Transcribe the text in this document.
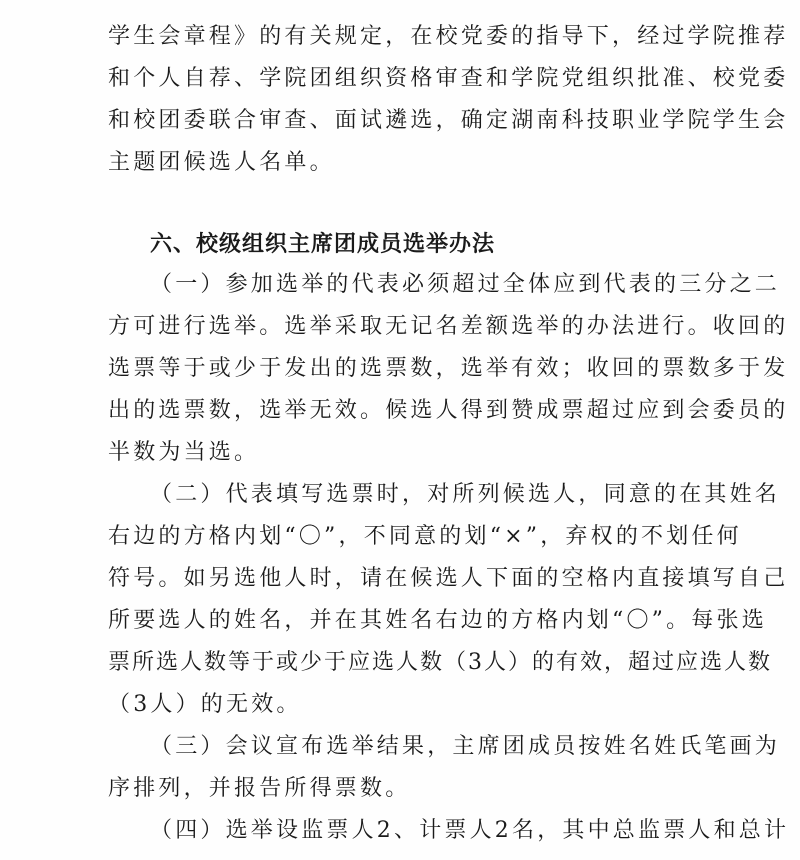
学生会章程》的有关规定，在校党委的指导下，经过学院推荐
和个人自荐、学院团组织资格审查和学院党组织批准、校党委
和校团委联合审查、面试遴选，确定湖南科技职业学院学生会
主题团候选人名单。
六、校级组织主席团成员选举办法
（一）参加选举的代表必须超过全体应到代表的三分之二
方可进行选举。选举采取无记名差额选举的办法进行。收回的
选票等于或少于发出的选票数，选举有效；收回的票数多于发
出的选票数，选举无效。候选人得到赞成票超过应到会委员的
半数为当选。
（二）代表填写选票时，对所列候选人，同意的在其姓名
右边的方格内划“〇”，不同意的划“×”，弃权的不划任何
符号。如另选他人时，请在候选人下面的空格内直接填写自己
所要选人的姓名，并在其姓名右边的方格内划“〇”。每张选
票所选人数等于或少于应选人数（3人）的有效，超过应选人数
（3人）的无效。
（三）会议宣布选举结果，主席团成员按姓名姓氏笔画为
序排列，并报告所得票数。
（四）选举设监票人2、计票人2名，其中总监票人和总计
